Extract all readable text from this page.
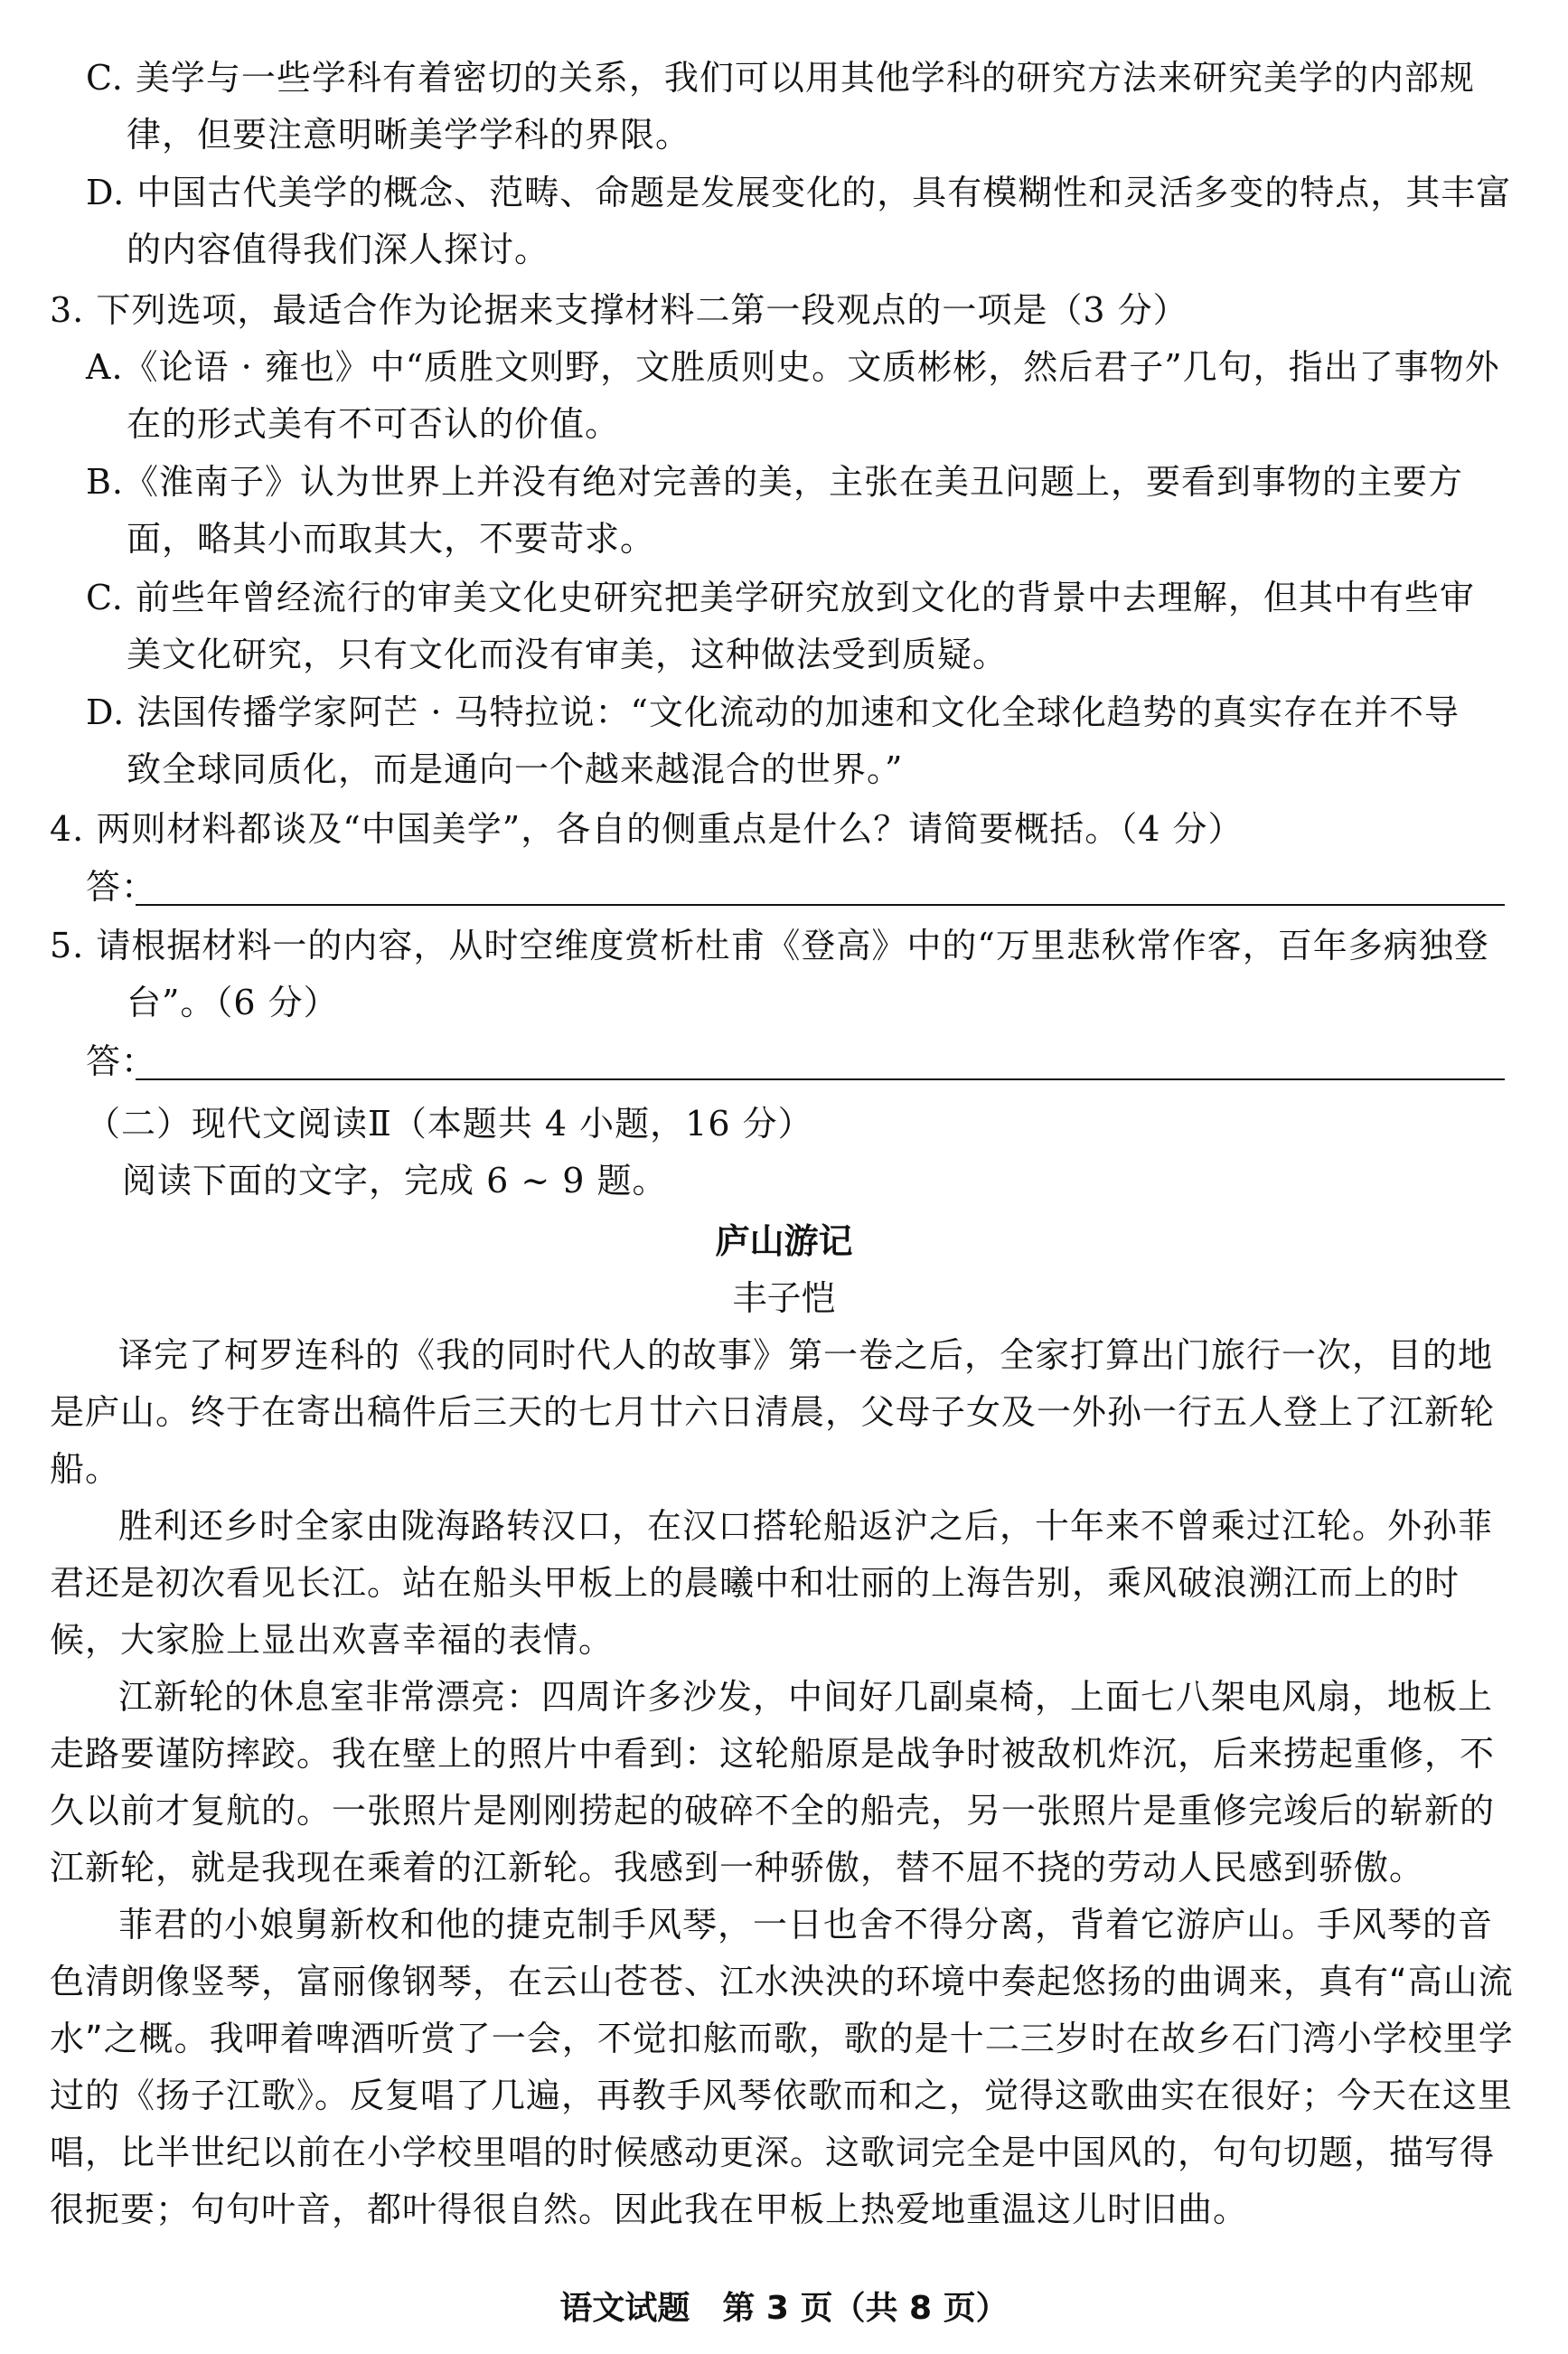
C. 美学与一些学科有着密切的关系，我们可以用其他学科的研究方法来研究美学的内部规
律，但要注意明晰美学学科的界限。
D. 中国古代美学的概念、范畴、命题是发展变化的，具有模糊性和灵活多变的特点，其丰富
的内容值得我们深人探讨。
3. 下列选项，最适合作为论据来支撑材料二第一段观点的一项是（3 分）
A.《论语 · 雍也》中“质胜文则野，文胜质则史。文质彬彬，然后君子”几句，指出了事物外
在的形式美有不可否认的价值。
B.《淮南子》认为世界上并没有绝对完善的美，主张在美丑问题上，要看到事物的主要方
面，略其小而取其大，不要苛求。
C. 前些年曾经流行的审美文化史研究把美学研究放到文化的背景中去理解，但其中有些审
美文化研究，只有文化而没有审美，这种做法受到质疑。
D. 法国传播学家阿芒 · 马特拉说：“文化流动的加速和文化全球化趋势的真实存在并不导
致全球同质化，而是通向一个越来越混合的世界。”
4. 两则材料都谈及“中国美学”，各自的侧重点是什么？请简要概括。（4 分）
答：
5. 请根据材料一的内容，从时空维度赏析杜甫《登高》中的“万里悲秋常作客，百年多病独登
台”。（6 分）
答：
（二）现代文阅读Ⅱ（本题共 4 小题，16 分）
阅读下面的文字，完成 6 ~ 9 题。
庐山游记
丰子恺

译完了柯罗连科的《我的同时代人的故事》第一卷之后，全家打算出门旅行一次，目的地是庐山。终于在寄出稿件后三天的七月廿六日清晨，父母子女及一外孙一行五人登上了江新轮船。

胜利还乡时全家由陇海路转汉口，在汉口搭轮船返沪之后，十年来不曾乘过江轮。外孙菲君还是初次看见长江。站在船头甲板上的晨曦中和壮丽的上海告别，乘风破浪溯江而上的时候，大家脸上显出欢喜幸福的表情。

江新轮的休息室非常漂亮：四周许多沙发，中间好几副桌椅，上面七八架电风扇，地板上走路要谨防摔跤。我在壁上的照片中看到：这轮船原是战争时被敌机炸沉，后来捞起重修，不久以前才复航的。一张照片是刚刚捞起的破碎不全的船壳，另一张照片是重修完竣后的崭新的江新轮，就是我现在乘着的江新轮。我感到一种骄傲，替不屈不挠的劳动人民感到骄傲。

菲君的小娘舅新枚和他的捷克制手风琴，一日也舍不得分离，背着它游庐山。手风琴的音色清朗像竖琴，富丽像钢琴，在云山苍苍、江水泱泱的环境中奏起悠扬的曲调来，真有“高山流水”之概。我呷着啤酒听赏了一会，不觉扣舷而歌，歌的是十二三岁时在故乡石门湾小学校里学过的《扬子江歌》。反复唱了几遍，再教手风琴依歌而和之，觉得这歌曲实在很好；今天在这里唱，比半世纪以前在小学校里唱的时候感动更深。这歌词完全是中国风的，句句切题，描写得很扼要；句句叶音，都叶得很自然。因此我在甲板上热爱地重温这儿时旧曲。

语文试题　第 3 页（共 8 页）
